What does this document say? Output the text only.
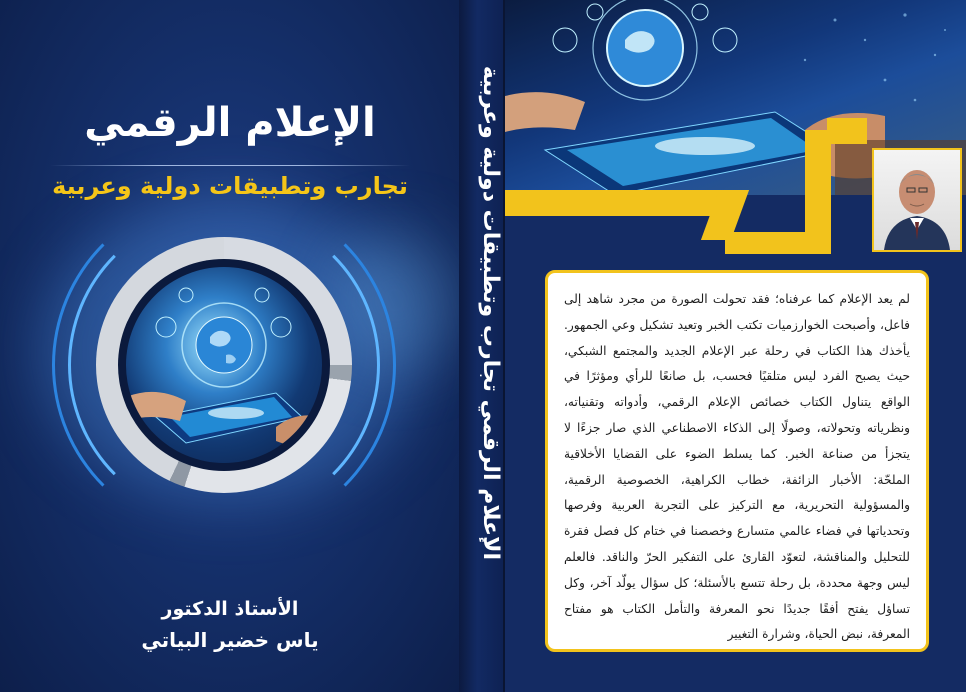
الإعلام الرقمي
تجارب وتطبيقات دولية وعربية
الأستاذ الدكتور
ياس خضير البياتي
الإعلام الرقمي تجارب وتطبيقات دولية وعربية	لم يعد الإعلام كما عرفناه؛ فقد تحولت الصورة من مجرد شاهد إلى فاعل، وأصبحت الخوارزميات تكتب الخبر وتعيد تشكيل وعي الجمهور. يأخذك هذا الكتاب في رحلة عبر الإعلام الجديد والمجتمع الشبكي، حيث يصبح الفرد ليس متلقيًا فحسب، بل صانعًا للرأي ومؤثرًا في الواقع يتناول الكتاب خصائص الإعلام الرقمي، وأدواته وتقنياته، ونظرياته وتحولاته، وصولًا إلى الذكاء الاصطناعي الذي صار جزءًا لا يتجزأ من صناعة الخبر. كما يسلط الضوء على القضايا الأخلاقية الملحّة: الأخبار الزائفة، خطاب الكراهية، الخصوصية الرقمية، والمسؤولية التحريرية، مع التركيز على التجربة العربية وفرصها وتحدياتها في فضاء عالمي متسارع وخصصنا في ختام كل فصل فقرة للتحليل والمناقشة، لتعوّد القارئ على التفكير الحرّ والناقد. فالعلم ليس وجهة محددة، بل رحلة تتسع بالأسئلة؛ كل سؤال يولّد آخر، وكل تساؤل يفتح أفقًا جديدًا نحو المعرفة والتأمل الكتاب هو مفتاح المعرفة، نبض الحياة، وشرارة التغيير
